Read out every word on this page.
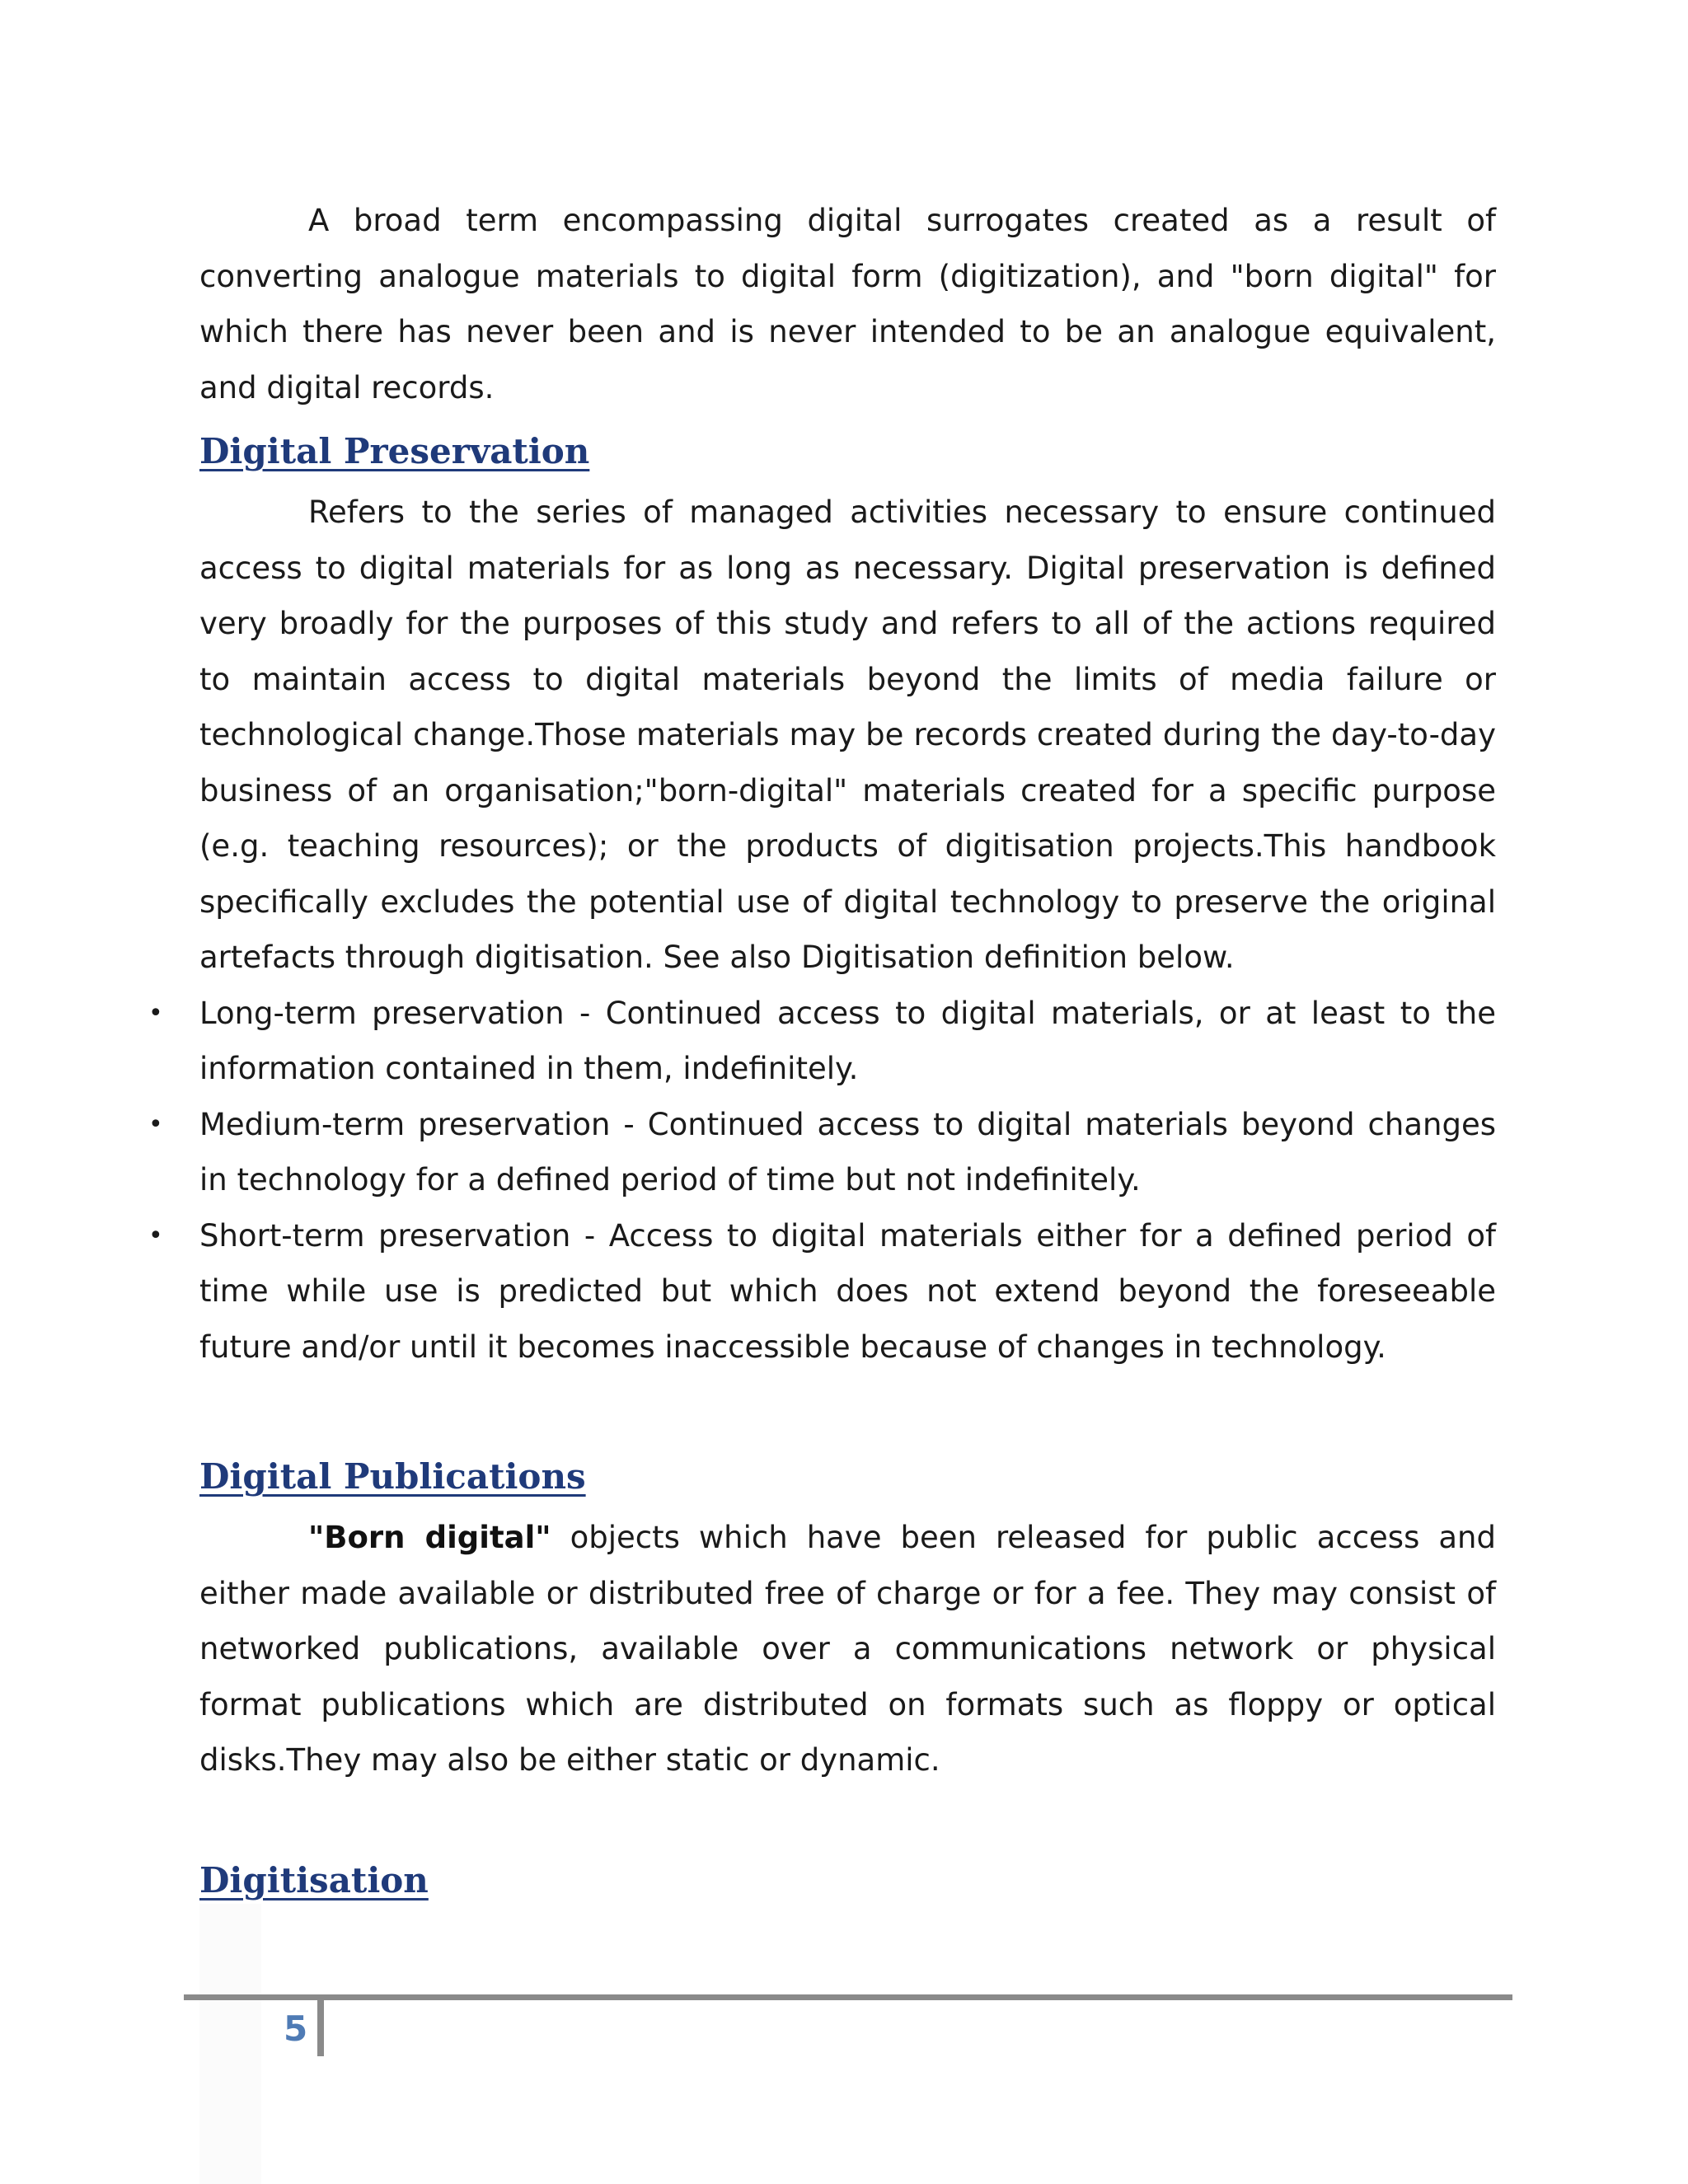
A broad term encompassing digital surrogates created as a result of converting analogue materials to digital form (digitization), and "born digital" for which there has never been and is never intended to be an analogue equivalent, and digital records.

Digital Preservation

Refers to the series of managed activities necessary to ensure continued access to digital materials for as long as necessary. Digital preservation is defined very broadly for the purposes of this study and refers to all of the actions required to maintain access to digital materials beyond the limits of media failure or technological change.Those materials may be records created during the day-to-day business of an organisation;"born-digital" materials created for a specific purpose (e.g. teaching resources); or the products of digitisation projects.This handbook specifically excludes the potential use of digital technology to preserve the original artefacts through digitisation. See also Digitisation definition below.

• Long-term preservation - Continued access to digital materials, or at least to the information contained in them, indefinitely.
• Medium-term preservation - Continued access to digital materials beyond changes in technology for a defined period of time but not indefinitely.
• Short-term preservation - Access to digital materials either for a defined period of time while use is predicted but which does not extend beyond the foreseeable future and/or until it becomes inaccessible because of changes in technology.
Digital Publications

"Born digital" objects which have been released for public access and either made available or distributed free of charge or for a fee. They may consist of networked publications, available over a communications network or physical format publications which are distributed on formats such as floppy or optical disks.They may also be either static or dynamic.

Digitisation
5
